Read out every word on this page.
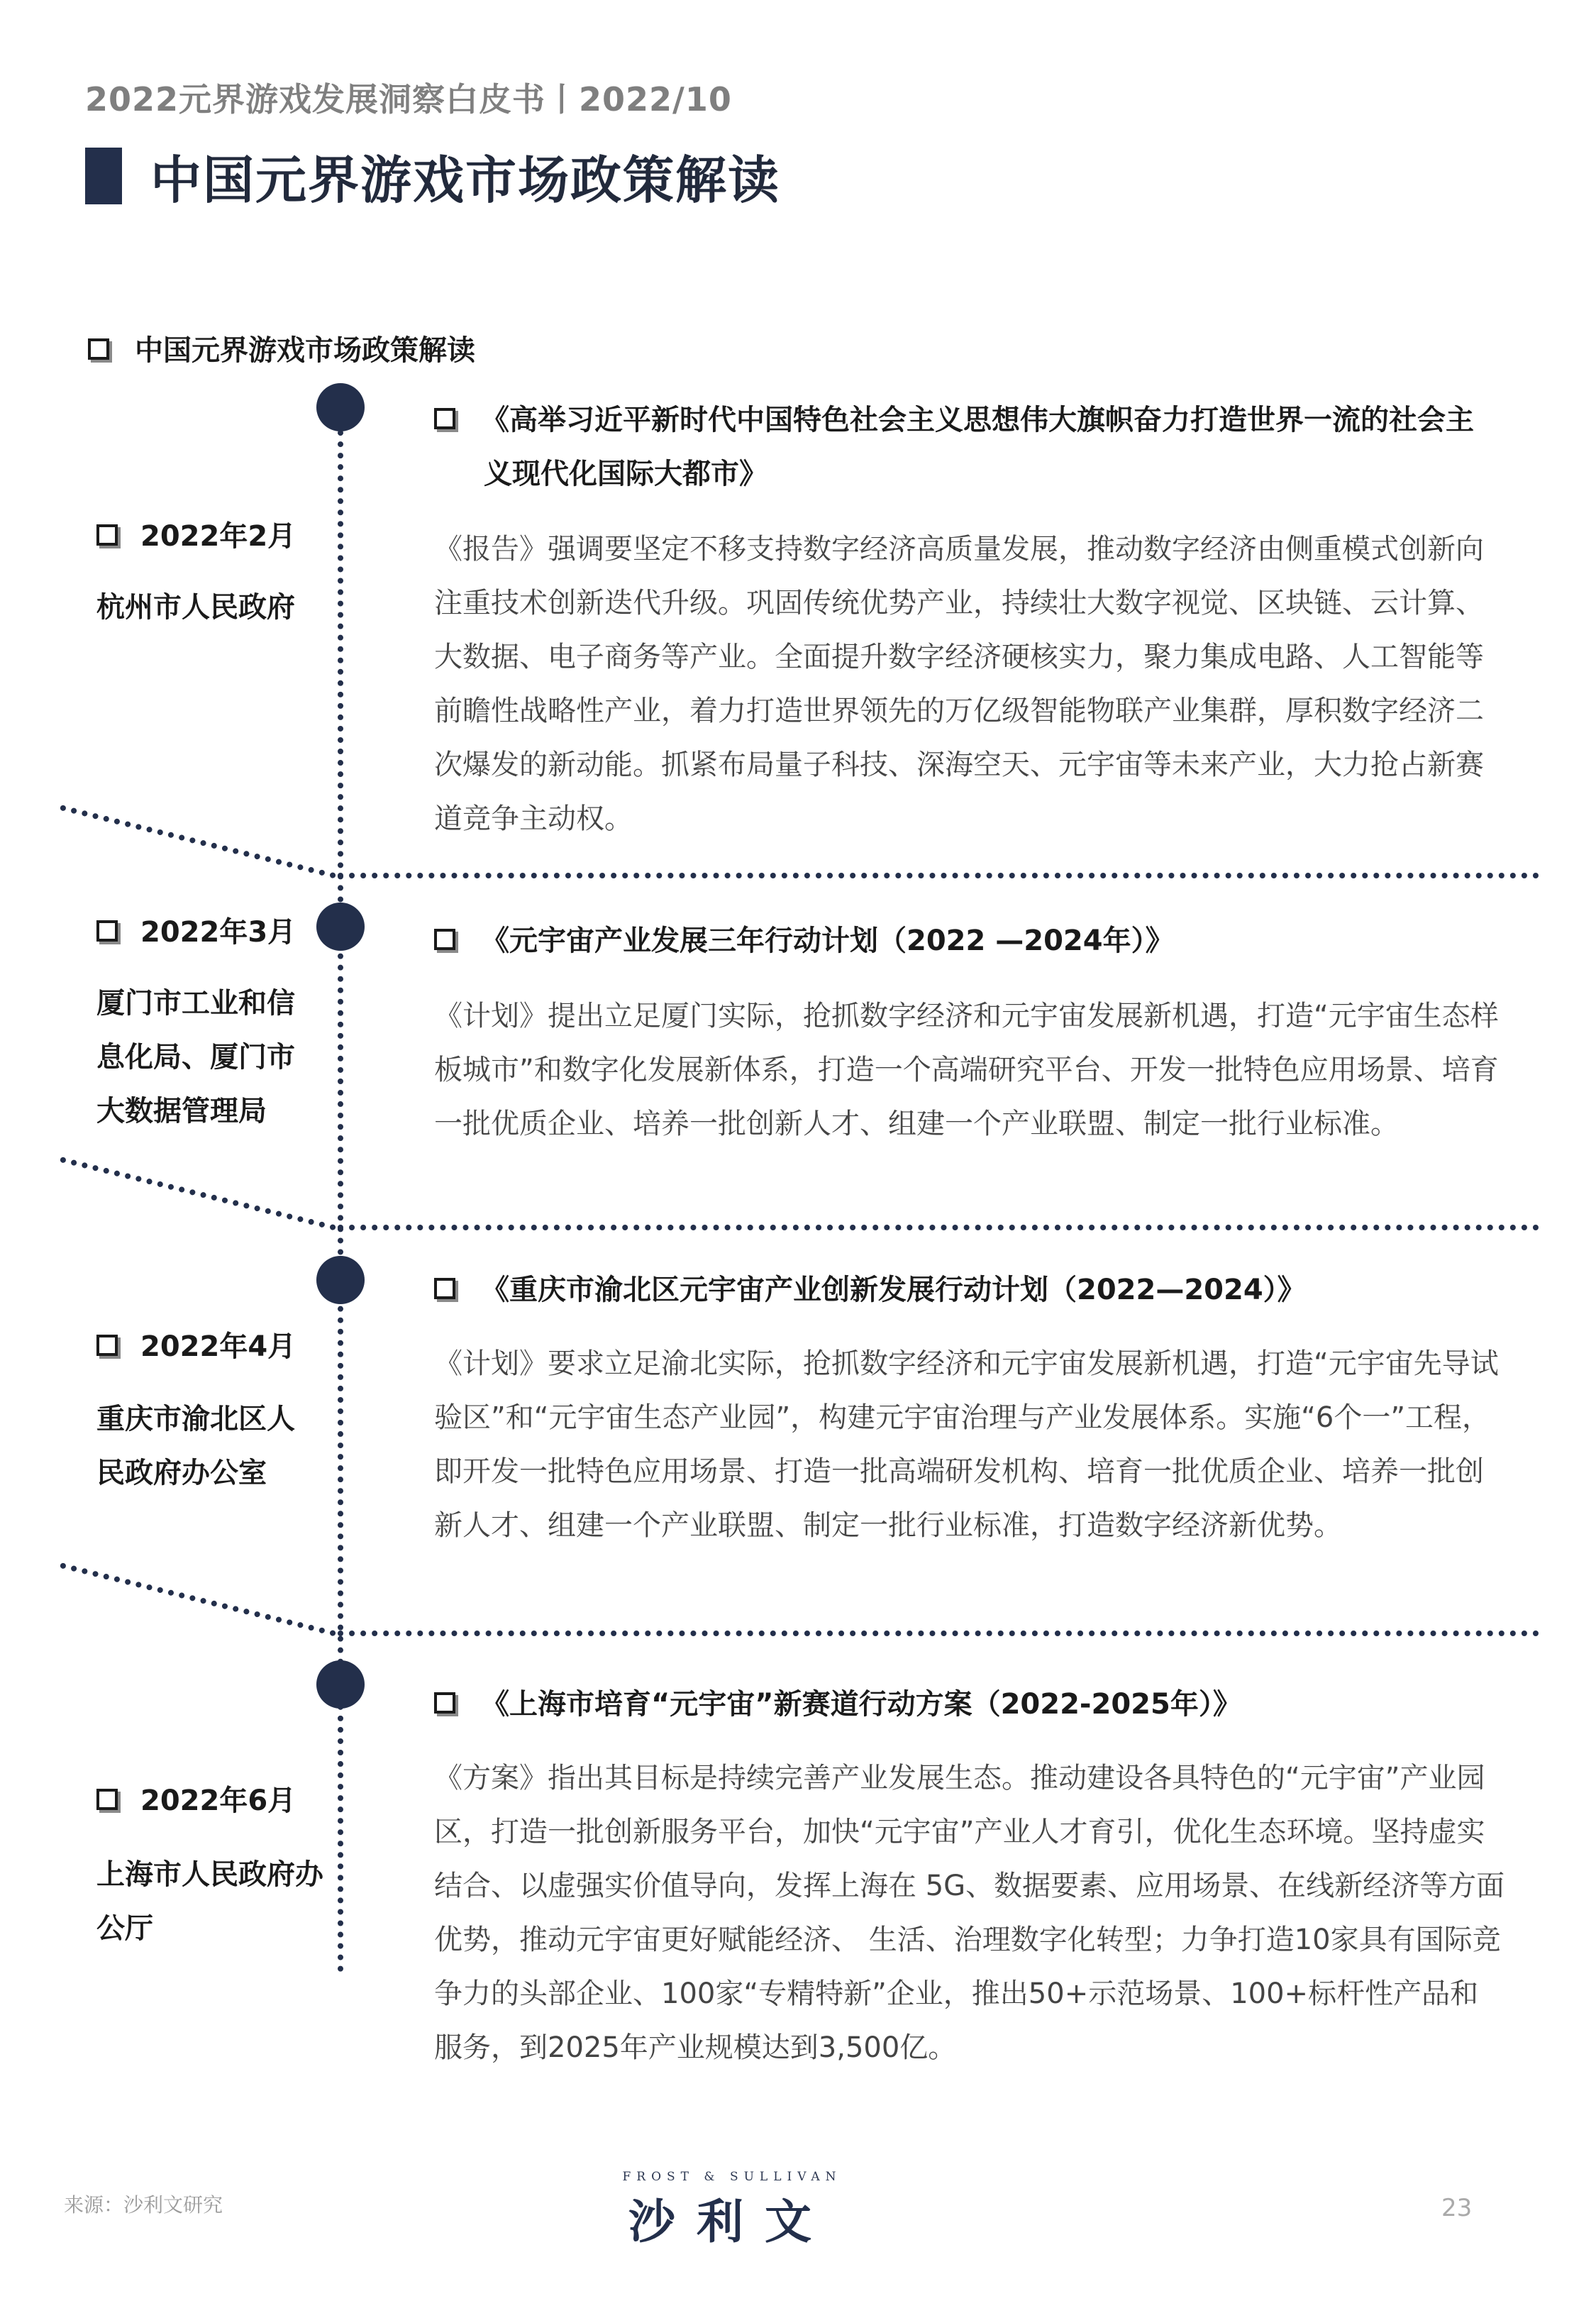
2022元界游戏发展洞察白皮书丨2022/10
中国元界游戏市场政策解读
中国元界游戏市场政策解读
2022年2月
杭州市人民政府
《高举习近平新时代中国特色社会主义思想伟大旗帜奋力打造世界一流的社会主义现代化国际大都市》
《报告》强调要坚定不移支持数字经济高质量发展，推动数字经济由侧重模式创新向注重技术创新迭代升级。巩固传统优势产业，持续壮大数字视觉、区块链、云计算、大数据、电子商务等产业。全面提升数字经济硬核实力，聚力集成电路、人工智能等前瞻性战略性产业，着力打造世界领先的万亿级智能物联产业集群，厚积数字经济二次爆发的新动能。抓紧布局量子科技、深海空天、元宇宙等未来产业，大力抢占新赛道竞争主动权。
2022年3月
厦门市工业和信息化局、厦门市大数据管理局
《元宇宙产业发展三年行动计划（2022 —2024年）》
《计划》提出立足厦门实际，抢抓数字经济和元宇宙发展新机遇，打造“元宇宙生态样板城市”和数字化发展新体系，打造一个高端研究平台、开发一批特色应用场景、培育一批优质企业、培养一批创新人才、组建一个产业联盟、制定一批行业标准。
2022年4月
重庆市渝北区人民政府办公室
《重庆市渝北区元宇宙产业创新发展行动计划（2022—2024）》
《计划》要求立足渝北实际，抢抓数字经济和元宇宙发展新机遇，打造“元宇宙先导试验区”和“元宇宙生态产业园”，构建元宇宙治理与产业发展体系。实施“6个一”工程，即开发一批特色应用场景、打造一批高端研发机构、培育一批优质企业、培养一批创新人才、组建一个产业联盟、制定一批行业标准，打造数字经济新优势。
2022年6月
上海市人民政府办公厅
《上海市培育“元宇宙”新赛道行动方案（2022-2025年）》
《方案》指出其目标是持续完善产业发展生态。推动建设各具特色的“元宇宙”产业园区，打造一批创新服务平台，加快“元宇宙”产业人才育引，优化生态环境。坚持虚实结合、以虚强实价值导向，发挥上海在 5G、数据要素、应用场景、在线新经济等方面优势，推动元宇宙更好赋能经济、 生活、治理数字化转型；力争打造10家具有国际竞争力的头部企业、100家“专精特新”企业，推出50+示范场景、100+标杆性产品和服务，到2025年产业规模达到3,500亿。
来源：沙利文研究
FROST & SULLIVAN
沙利文	23
